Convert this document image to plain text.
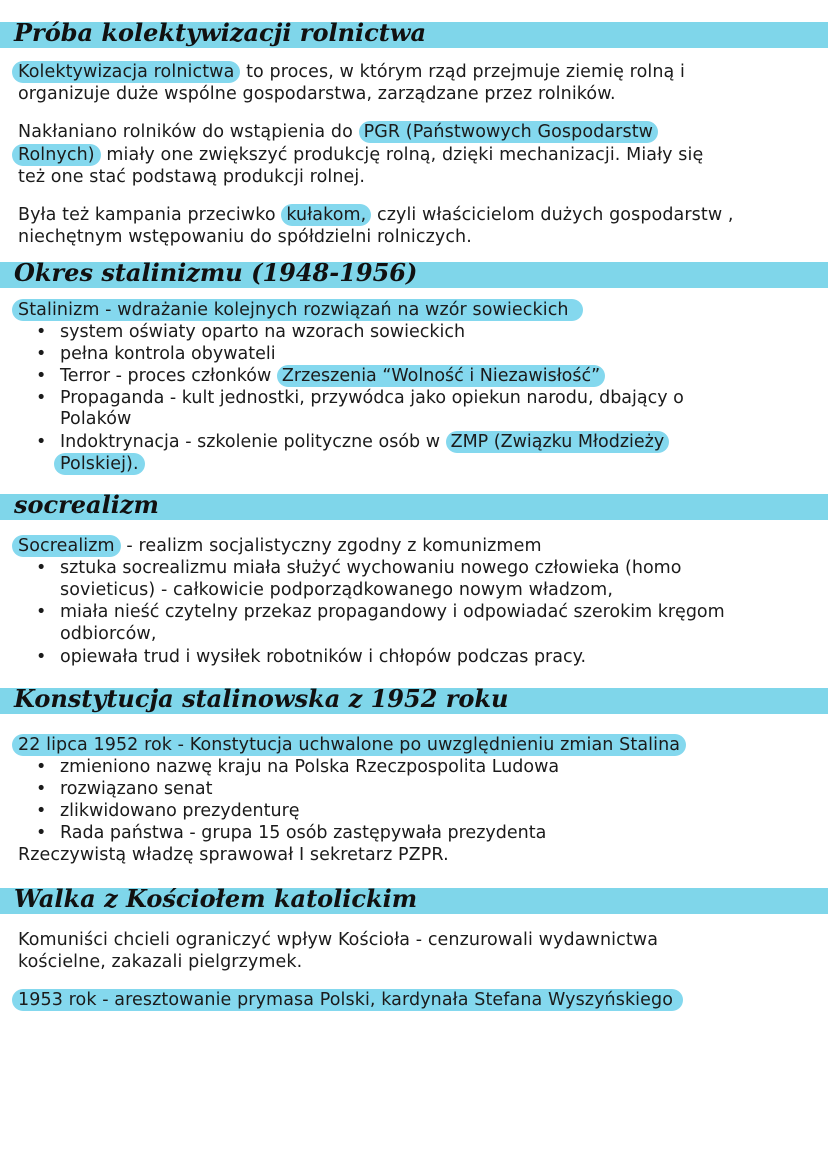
Próba kolektywizacji rolnictwa
Kolektywizacja rolnictwa to proces, w którym rząd przejmuje ziemię rolną i
organizuje duże wspólne gospodarstwa, zarządzane przez rolników.
Nakłaniano rolników do wstąpienia do PGR (Państwowych Gospodarstw
Rolnych) miały one zwiększyć produkcję rolną, dzięki mechanizacji. Miały się
też one stać podstawą produkcji rolnej.
Była też kampania przeciwko kułakom, czyli właścicielom dużych gospodarstw ,
niechętnym wstępowaniu do spółdzielni rolniczych.
Okres stalinizmu (1948-1956)
Stalinizm - wdrażanie kolejnych rozwiązań na wzór sowieckich
• system oświaty oparto na wzorach sowieckich
• pełna kontrola obywateli
• Terror - proces członków Zrzeszenia “Wolność i Niezawisłość”
• Propaganda - kult jednostki, przywódca jako opiekun narodu, dbający o
Polaków
• Indoktrynacja - szkolenie polityczne osób w ZMP (Związku Młodzieży
Polskiej).
socrealizm
Socrealizm - realizm socjalistyczny zgodny z komunizmem
• sztuka socrealizmu miała służyć wychowaniu nowego człowieka (homo
sovieticus) - całkowicie podporządkowanego nowym władzom,
• miała nieść czytelny przekaz propagandowy i odpowiadać szerokim kręgom
odbiorców,
• opiewała trud i wysiłek robotników i chłopów podczas pracy.
Konstytucja stalinowska z 1952 roku
22 lipca 1952 rok - Konstytucja uchwalone po uwzględnieniu zmian Stalina
• zmieniono nazwę kraju na Polska Rzeczpospolita Ludowa
• rozwiązano senat
• zlikwidowano prezydenturę
• Rada państwa - grupa 15 osób zastępywała prezydenta
Rzeczywistą władzę sprawował I sekretarz PZPR.
Walka z Kościołem katolickim
Komuniści chcieli ograniczyć wpływ Kościoła - cenzurowali wydawnictwa
kościelne, zakazali pielgrzymek.
1953 rok - aresztowanie prymasa Polski, kardynała Stefana Wyszyńskiego
